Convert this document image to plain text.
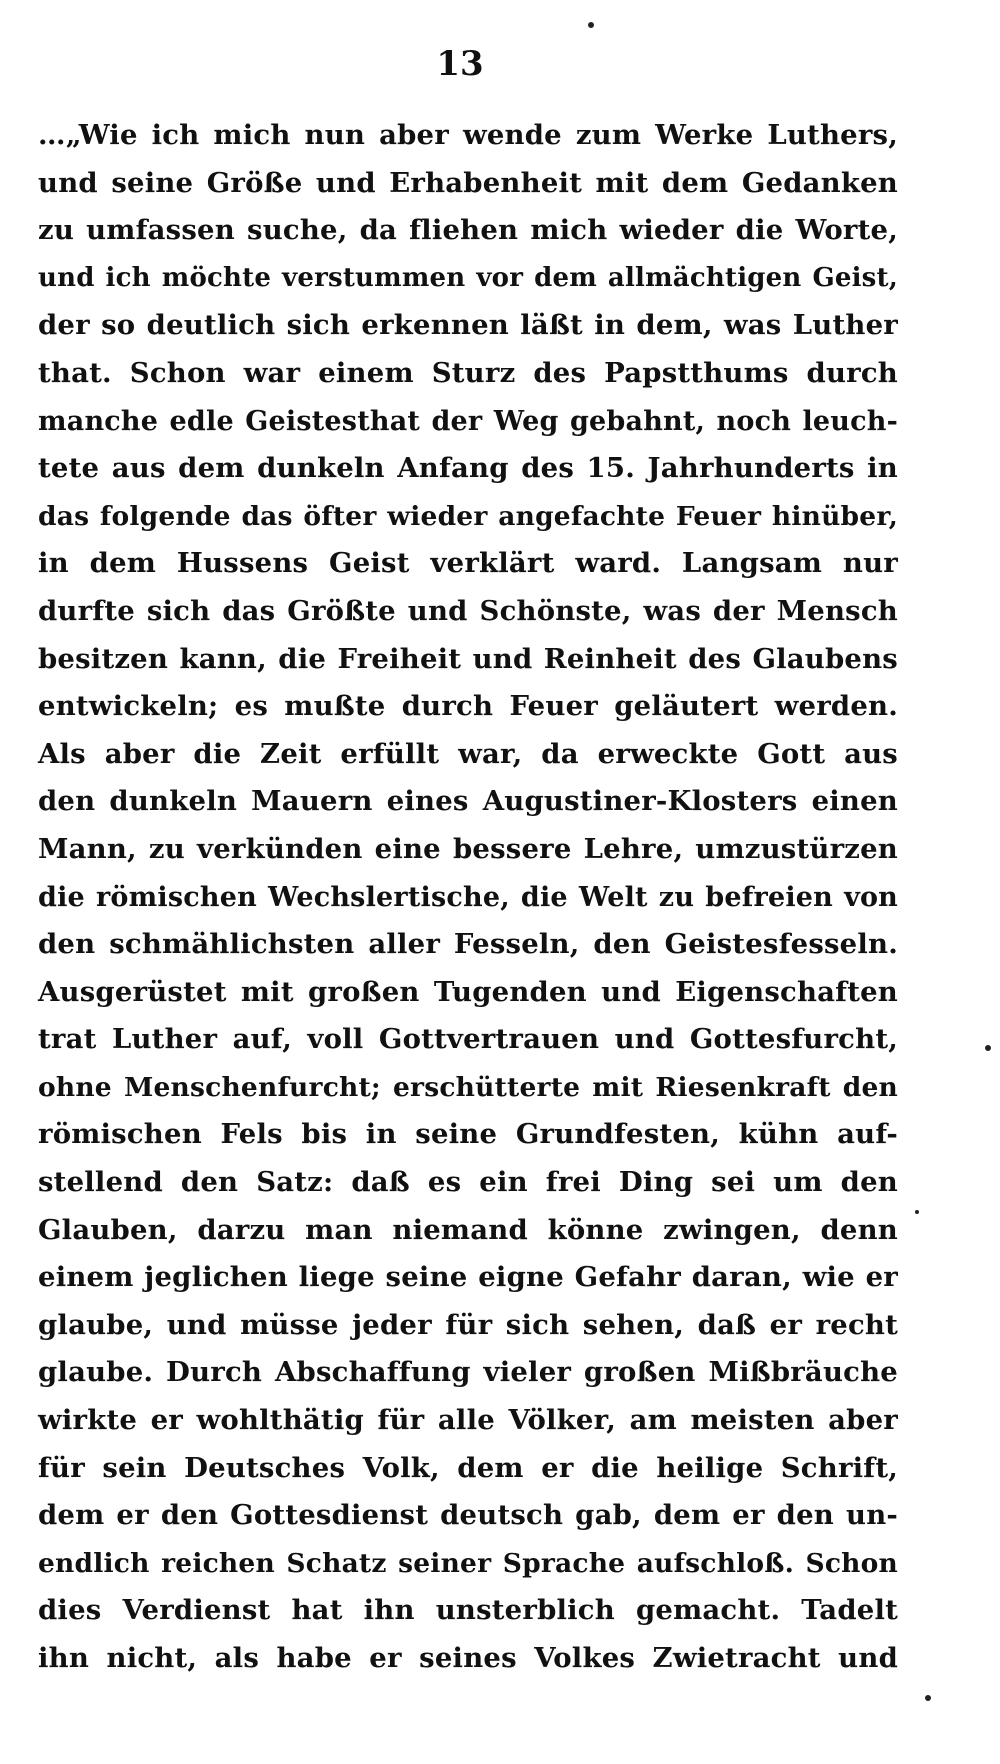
13
…„Wie ich mich nun aber wende zum Werke Luthers,
und seine Größe und Erhabenheit mit dem Gedanken
zu umfassen suche, da fliehen mich wieder die Worte,
und ich möchte verstummen vor dem allmächtigen Geist,
der so deutlich sich erkennen läßt in dem, was Luther
that. Schon war einem Sturz des Papstthums durch
manche edle Geistesthat der Weg gebahnt, noch leuch-
tete aus dem dunkeln Anfang des 15. Jahrhunderts in
das folgende das öfter wieder angefachte Feuer hinüber,
in dem Hussens Geist verklärt ward. Langsam nur
durfte sich das Größte und Schönste, was der Mensch
besitzen kann, die Freiheit und Reinheit des Glaubens
entwickeln; es mußte durch Feuer geläutert werden.
Als aber die Zeit erfüllt war, da erweckte Gott aus
den dunkeln Mauern eines Augustiner-Klosters einen
Mann, zu verkünden eine bessere Lehre, umzustürzen
die römischen Wechslertische, die Welt zu befreien von
den schmählichsten aller Fesseln, den Geistesfesseln.
Ausgerüstet mit großen Tugenden und Eigenschaften
trat Luther auf, voll Gottvertrauen und Gottesfurcht,
ohne Menschenfurcht; erschütterte mit Riesenkraft den
römischen Fels bis in seine Grundfesten, kühn auf-
stellend den Satz: daß es ein frei Ding sei um den
Glauben, darzu man niemand könne zwingen, denn
einem jeglichen liege seine eigne Gefahr daran, wie er
glaube, und müsse jeder für sich sehen, daß er recht
glaube. Durch Abschaffung vieler großen Mißbräuche
wirkte er wohlthätig für alle Völker, am meisten aber
für sein Deutsches Volk, dem er die heilige Schrift,
dem er den Gottesdienst deutsch gab, dem er den un-
endlich reichen Schatz seiner Sprache aufschloß. Schon
dies Verdienst hat ihn unsterblich gemacht. Tadelt
ihn nicht, als habe er seines Volkes Zwietracht und
